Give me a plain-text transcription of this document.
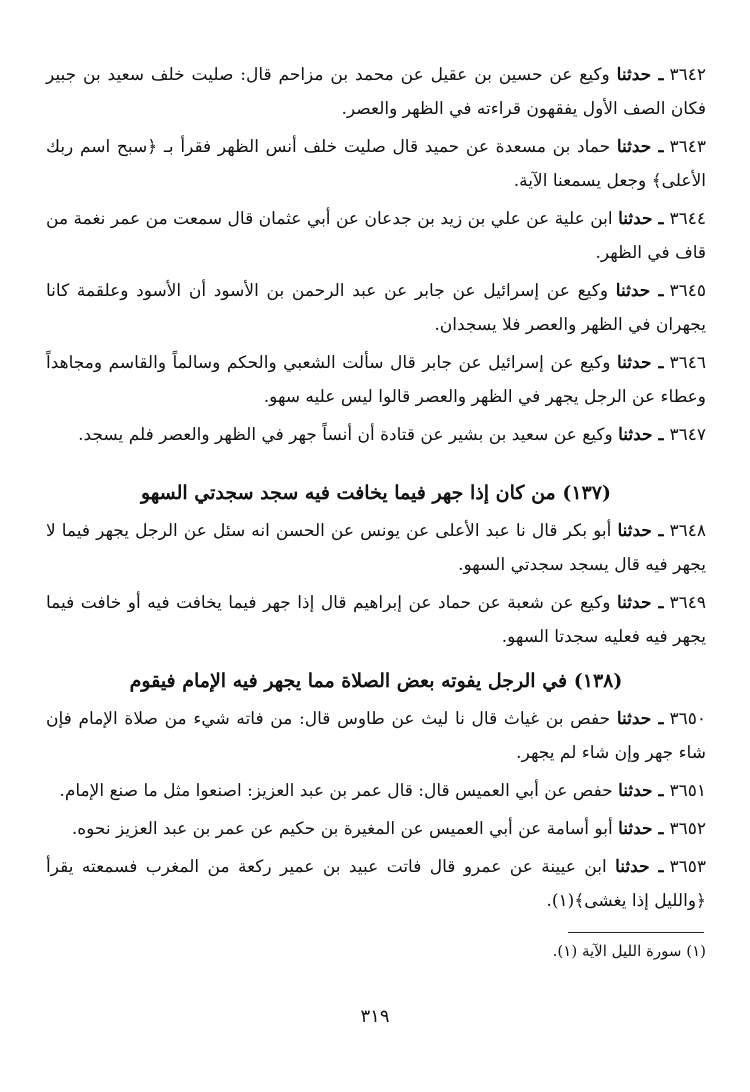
٣٦٤٢ـ حدثنا وكيع عن حسين بن عقيل عن محمد بن مزاحم قال: صليت خلف سعيد بن جبير فكان الصف الأول يفقهون قراءته في الظهر والعصر.

٣٦٤٣ـ حدثنا حماد بن مسعدة عن حميد قال صليت خلف أنس الظهر فقرأ بـ ﴿سبح اسم ربك الأعلى﴾ وجعل يسمعنا الآية.

٣٦٤٤ـ حدثنا ابن علية عن علي بن زيد بن جدعان عن أبي عثمان قال سمعت من عمر نغمة من قاف في الظهر.

٣٦٤٥ـ حدثنا وكيع عن إسرائيل عن جابر عن عبد الرحمن بن الأسود أن الأسود وعلقمة كانا يجهران في الظهر والعصر فلا يسجدان.

٣٦٤٦ـ حدثنا وكيع عن إسرائيل عن جابر قال سألت الشعبي والحكم وسالماً والقاسم ومجاهداً وعطاء عن الرجل يجهر في الظهر والعصر قالوا ليس عليه سهو.

٣٦٤٧ـ حدثنا وكيع عن سعيد بن بشير عن قتادة أن أنساً جهر في الظهر والعصر فلم يسجد.

(١٣٧) من كان إذا جهر فيما يخافت فيه سجد سجدتي السهو

٣٦٤٨ـ حدثنا أبو بكر قال نا عبد الأعلى عن يونس عن الحسن انه سئل عن الرجل يجهر فيما لا يجهر فيه قال يسجد سجدتي السهو.

٣٦٤٩ـ حدثنا وكيع عن شعبة عن حماد عن إبراهيم قال إذا جهر فيما يخافت فيه أو خافت فيما يجهر فيه فعليه سجدتا السهو.

(١٣٨) في الرجل يفوته بعض الصلاة مما يجهر فيه الإمام فيقوم

٣٦٥٠ـ حدثنا حفص بن غياث قال نا ليث عن طاوس قال: من فاته شيء من صلاة الإمام فإن شاء جهر وإن شاء لم يجهر.

٣٦٥١ـ حدثنا حفص عن أبي العميس قال: قال عمر بن عبد العزيز: اصنعوا مثل ما صنع الإمام.

٣٦٥٢ـ حدثنا أبو أسامة عن أبي العميس عن المغيرة بن حكيم عن عمر بن عبد العزيز نحوه.

٣٦٥٣ـ حدثنا ابن عيينة عن عمرو قال فاتت عبيد بن عمير ركعة من المغرب فسمعته يقرأ ﴿والليل إذا يغشى﴾(١).

(١) سورة الليل الآية (١).
٣١٩
